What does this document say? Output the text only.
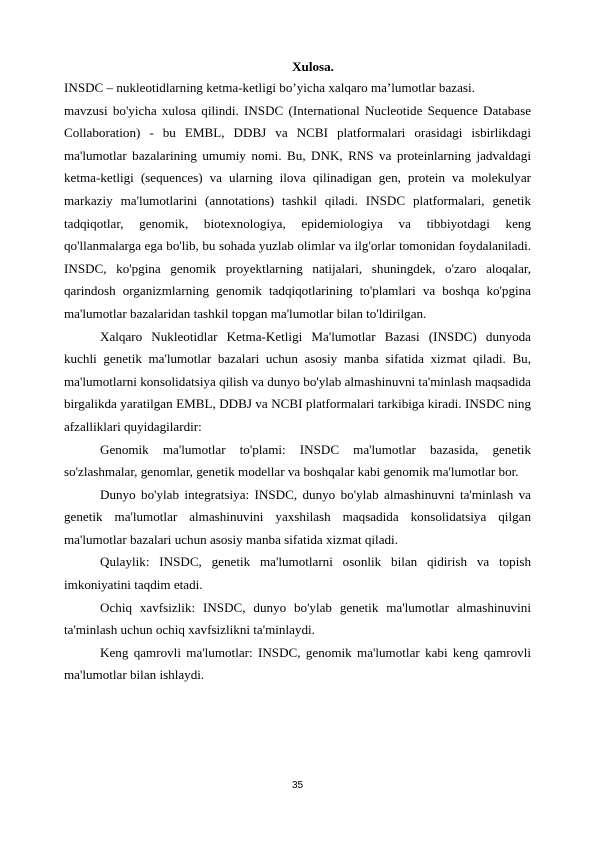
Xulosa.
INSDC – nukleotidlarning ketma-ketligi bo’yicha xalqaro ma’lumotlar bazasi.

mavzusi bo'yicha xulosa qilindi. INSDC (International Nucleotide Sequence Database Collaboration) - bu EMBL, DDBJ va NCBI platformalari orasidagi isbirlikdagi ma'lumotlar bazalarining umumiy nomi. Bu, DNK, RNS va proteinlarning jadvaldagi ketma-ketligi (sequences) va ularning ilova qilinadigan gen, protein va molekulyar markaziy ma'lumotlarini (annotations) tashkil qiladi. INSDC platformalari, genetik tadqiqotlar, genomik, biotexnologiya, epidemiologiya va tibbiyotdagi keng qo'llanmalarga ega bo'lib, bu sohada yuzlab olimlar va ilg'orlar tomonidan foydalaniladi. INSDC, ko'pgina genomik proyektlarning natijalari, shuningdek, o'zaro aloqalar, qarindosh organizmlarning genomik tadqiqotlarining to'plamlari va boshqa ko'pgina ma'lumotlar bazalaridan tashkil topgan ma'lumotlar bilan to'ldirilgan.

Xalqaro Nukleotidlar Ketma-Ketligi Ma'lumotlar Bazasi (INSDC) dunyoda kuchli genetik ma'lumotlar bazalari uchun asosiy manba sifatida xizmat qiladi. Bu, ma'lumotlarni konsolidatsiya qilish va dunyo bo'ylab almashinuvni ta'minlash maqsadida birgalikda yaratilgan EMBL, DDBJ va NCBI platformalari tarkibiga kiradi. INSDC ning afzalliklari quyidagilardir:

Genomik ma'lumotlar to'plami: INSDC ma'lumotlar bazasida, genetik so'zlashmalar, genomlar, genetik modellar va boshqalar kabi genomik ma'lumotlar bor.

Dunyo bo'ylab integratsiya: INSDC, dunyo bo'ylab almashinuvni ta'minlash va genetik ma'lumotlar almashinuvini yaxshilash maqsadida konsolidatsiya qilgan ma'lumotlar bazalari uchun asosiy manba sifatida xizmat qiladi.

Qulaylik: INSDC, genetik ma'lumotlarni osonlik bilan qidirish va topish imkoniyatini taqdim etadi.

Ochiq xavfsizlik: INSDC, dunyo bo'ylab genetik ma'lumotlar almashinuvini ta'minlash uchun ochiq xavfsizlikni ta'minlaydi.

Keng qamrovli ma'lumotlar: INSDC, genomik ma'lumotlar kabi keng qamrovli ma'lumotlar bilan ishlaydi.

35
